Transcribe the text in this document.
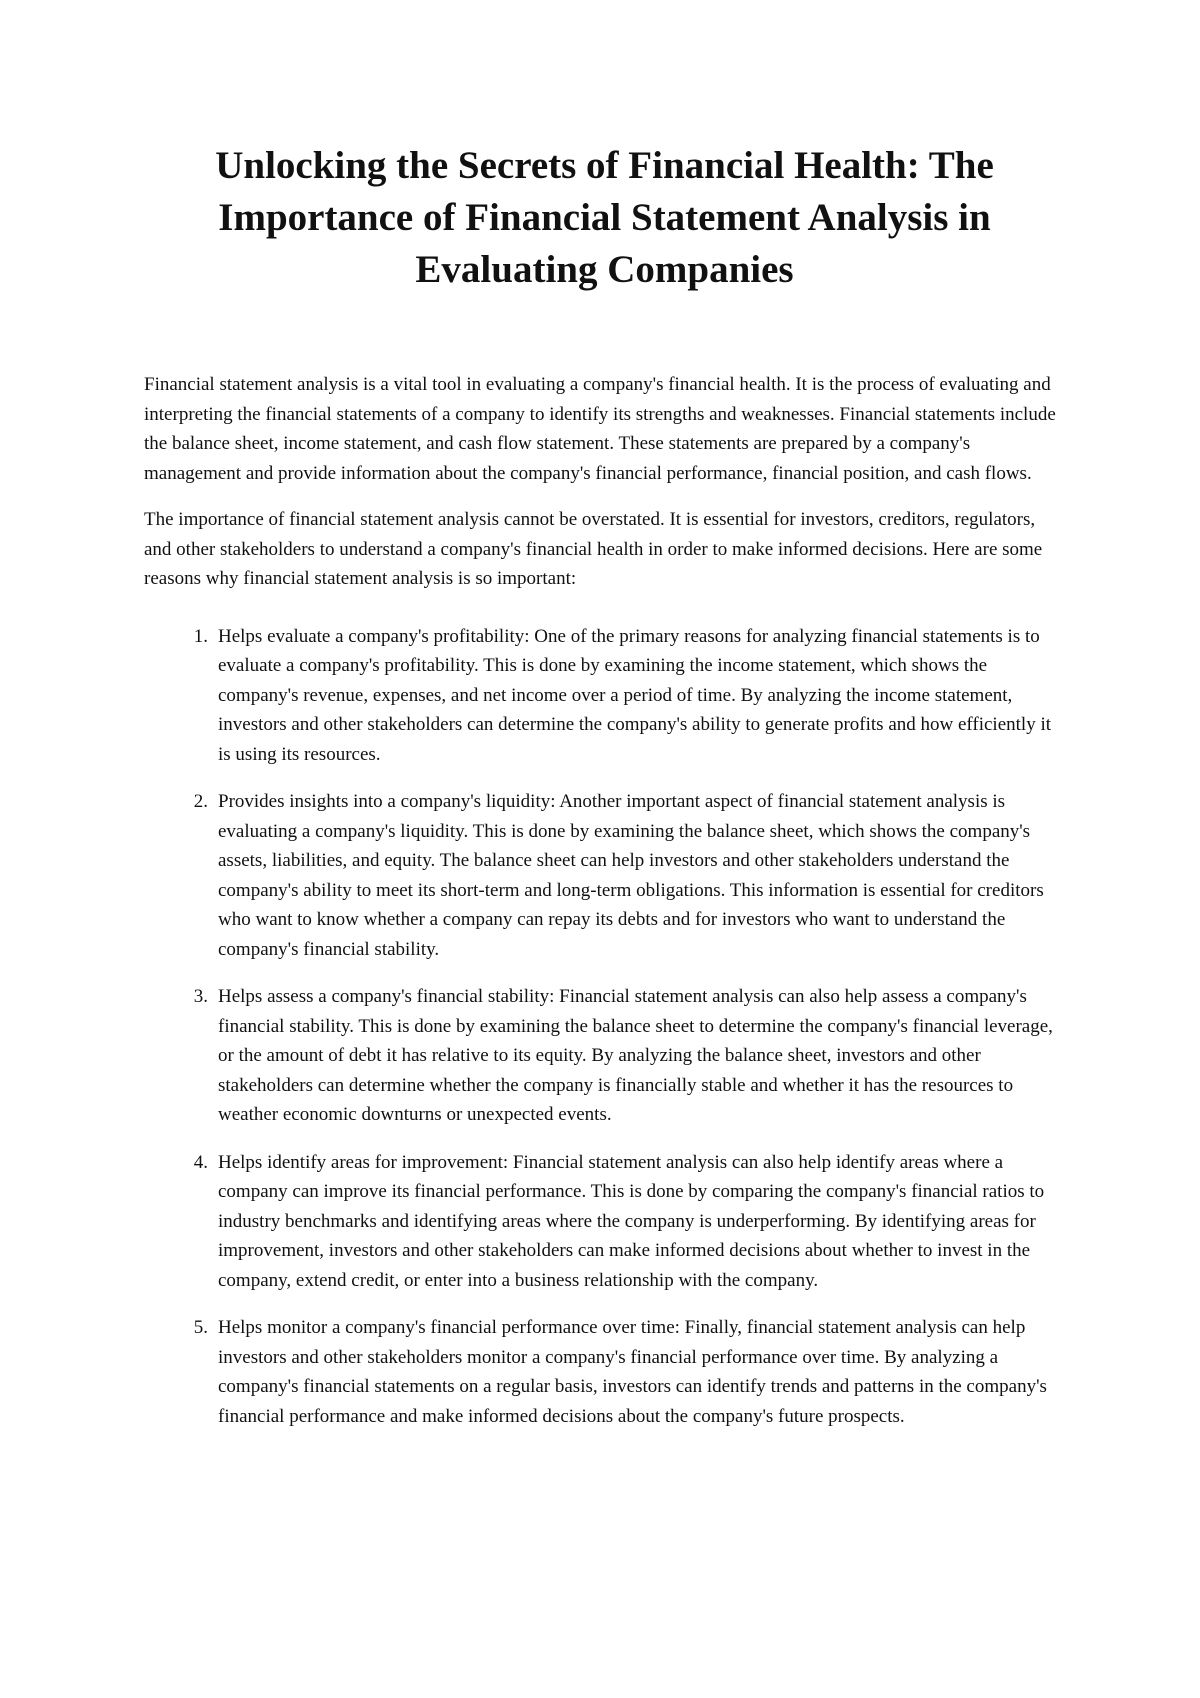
Unlocking the Secrets of Financial Health: The Importance of Financial Statement Analysis in Evaluating Companies

Financial statement analysis is a vital tool in evaluating a company's financial health. It is the process of evaluating and interpreting the financial statements of a company to identify its strengths and weaknesses. Financial statements include the balance sheet, income statement, and cash flow statement. These statements are prepared by a company's management and provide information about the company's financial performance, financial position, and cash flows.

The importance of financial statement analysis cannot be overstated. It is essential for investors, creditors, regulators, and other stakeholders to understand a company's financial health in order to make informed decisions. Here are some reasons why financial statement analysis is so important:

1. Helps evaluate a company's profitability: One of the primary reasons for analyzing financial statements is to evaluate a company's profitability. This is done by examining the income statement, which shows the company's revenue, expenses, and net income over a period of time. By analyzing the income statement, investors and other stakeholders can determine the company's ability to generate profits and how efficiently it is using its resources.
2. Provides insights into a company's liquidity: Another important aspect of financial statement analysis is evaluating a company's liquidity. This is done by examining the balance sheet, which shows the company's assets, liabilities, and equity. The balance sheet can help investors and other stakeholders understand the company's ability to meet its short-term and long-term obligations. This information is essential for creditors who want to know whether a company can repay its debts and for investors who want to understand the company's financial stability.
3. Helps assess a company's financial stability: Financial statement analysis can also help assess a company's financial stability. This is done by examining the balance sheet to determine the company's financial leverage, or the amount of debt it has relative to its equity. By analyzing the balance sheet, investors and other stakeholders can determine whether the company is financially stable and whether it has the resources to weather economic downturns or unexpected events.
4. Helps identify areas for improvement: Financial statement analysis can also help identify areas where a company can improve its financial performance. This is done by comparing the company's financial ratios to industry benchmarks and identifying areas where the company is underperforming. By identifying areas for improvement, investors and other stakeholders can make informed decisions about whether to invest in the company, extend credit, or enter into a business relationship with the company.
5. Helps monitor a company's financial performance over time: Finally, financial statement analysis can help investors and other stakeholders monitor a company's financial performance over time. By analyzing a company's financial statements on a regular basis, investors can identify trends and patterns in the company's financial performance and make informed decisions about the company's future prospects.
